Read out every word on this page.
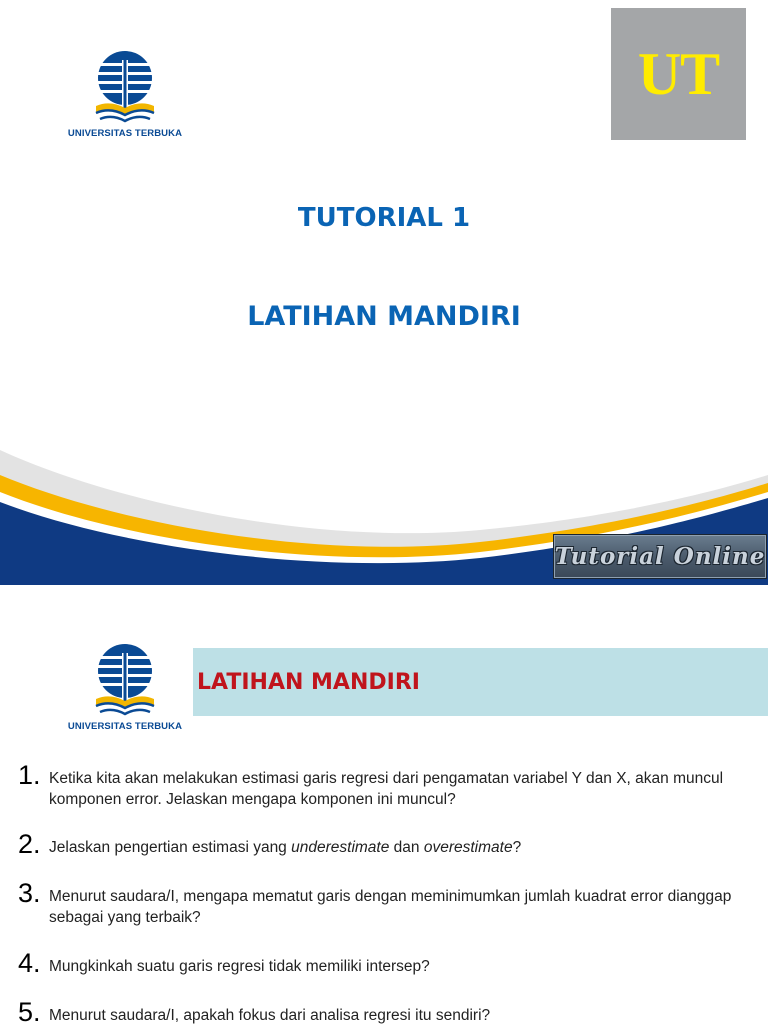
UNIVERSITAS TERBUKA
UT
TUTORIAL 1
LATIHAN MANDIRI
Tutorial Online
UNIVERSITAS TERBUKA
LATIHAN MANDIRI
1. Ketika kita akan melakukan estimasi garis regresi dari pengamatan variabel Y dan X, akan muncul komponen error. Jelaskan mengapa komponen ini muncul?
2. Jelaskan pengertian estimasi yang underestimate dan overestimate?
3. Menurut saudara/I, mengapa mematut garis dengan meminimumkan jumlah kuadrat error dianggap sebagai yang terbaik?
4. Mungkinkah suatu garis regresi tidak memiliki intersep?
5. Menurut saudara/I, apakah fokus dari analisa regresi itu sendiri?
